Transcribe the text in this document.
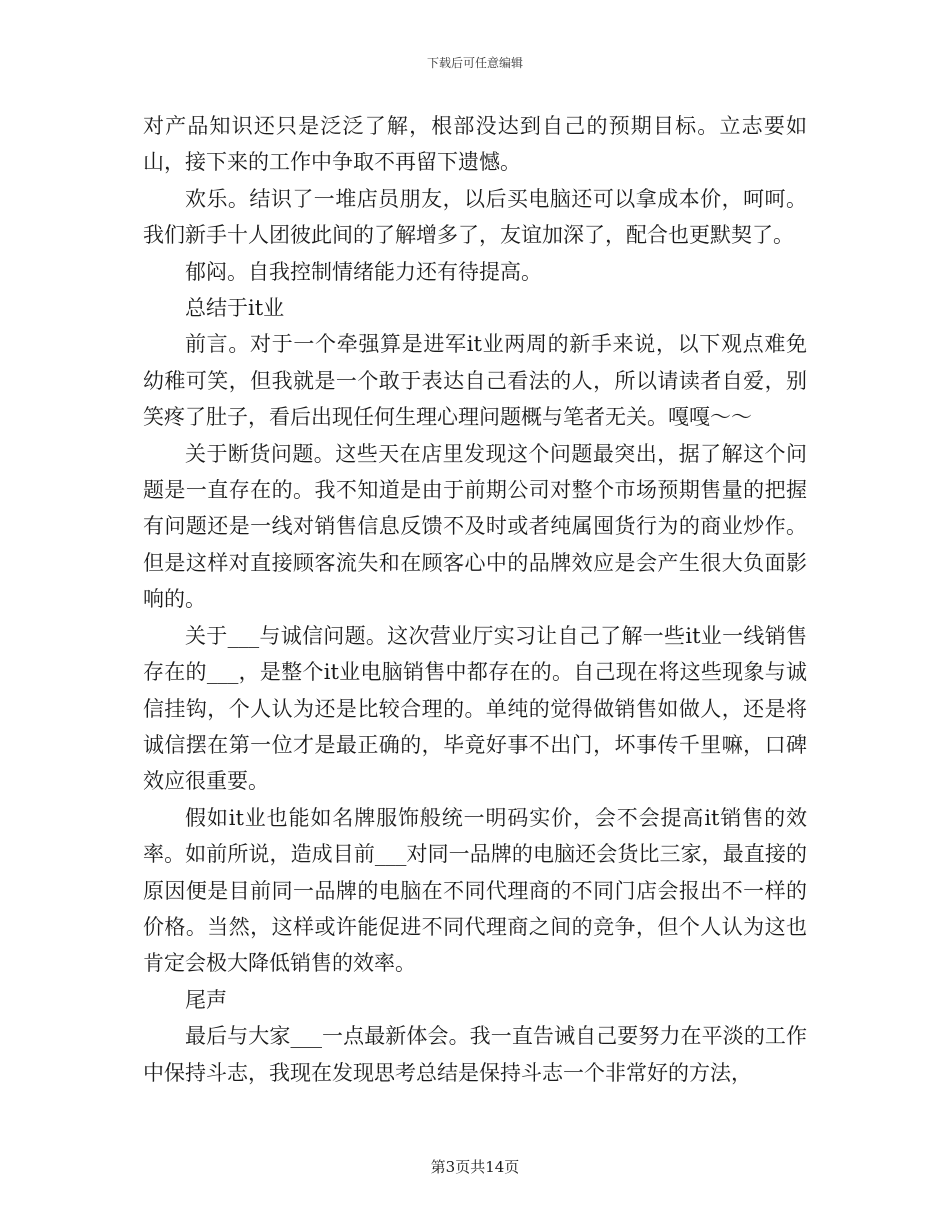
下载后可任意编辑

对产品知识还只是泛泛了解，根部没达到自己的预期目标。立志要如山，接下来的工作中争取不再留下遗憾。

欢乐。结识了一堆店员朋友，以后买电脑还可以拿成本价，呵呵。我们新手十人团彼此间的了解增多了，友谊加深了，配合也更默契了。

郁闷。自我控制情绪能力还有待提高。

总结于it业

前言。对于一个牵强算是进军it业两周的新手来说，以下观点难免幼稚可笑，但我就是一个敢于表达自己看法的人，所以请读者自爱，别笑疼了肚子，看后出现任何生理心理问题概与笔者无关。嘎嘎～～

关于断货问题。这些天在店里发现这个问题最突出，据了解这个问题是一直存在的。我不知道是由于前期公司对整个市场预期售量的把握有问题还是一线对销售信息反馈不及时或者纯属囤货行为的商业炒作。但是这样对直接顾客流失和在顾客心中的品牌效应是会产生很大负面影响的。

关于___与诚信问题。这次营业厅实习让自己了解一些it业一线销售存在的___，是整个it业电脑销售中都存在的。自己现在将这些现象与诚信挂钩，个人认为还是比较合理的。单纯的觉得做销售如做人，还是将诚信摆在第一位才是最正确的，毕竟好事不出门，坏事传千里嘛，口碑效应很重要。

假如it业也能如名牌服饰般统一明码实价，会不会提高it销售的效率。如前所说，造成目前___对同一品牌的电脑还会货比三家，最直接的原因便是目前同一品牌的电脑在不同代理商的不同门店会报出不一样的价格。当然，这样或许能促进不同代理商之间的竞争，但个人认为这也肯定会极大降低销售的效率。

尾声

最后与大家___一点最新体会。我一直告诫自己要努力在平淡的工作中保持斗志，我现在发现思考总结是保持斗志一个非常好的方法，

第3页共14页
